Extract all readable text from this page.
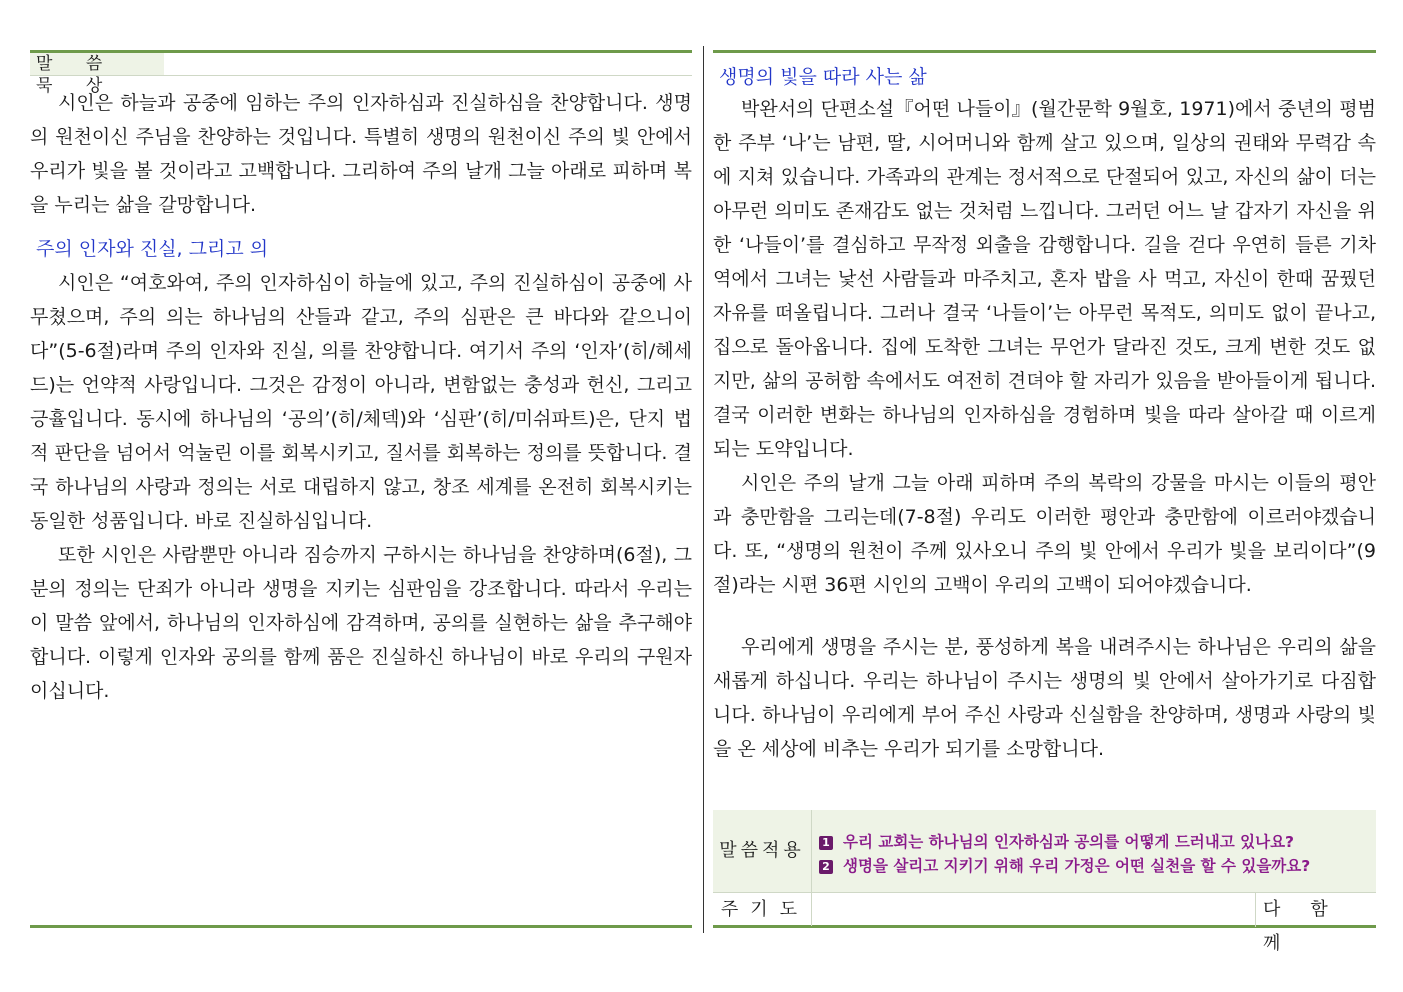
말 씀 묵 상

시인은 하늘과 공중에 임하는 주의 인자하심과 진실하심을 찬양합니다. 생명의 원천이신 주님을 찬양하는 것입니다. 특별히 생명의 원천이신 주의 빛 안에서 우리가 빛을 볼 것이라고 고백합니다. 그리하여 주의 날개 그늘 아래로 피하며 복을 누리는 삶을 갈망합니다.

주의 인자와 진실, 그리고 의

시인은 “여호와여, 주의 인자하심이 하늘에 있고, 주의 진실하심이 공중에 사무쳤으며, 주의 의는 하나님의 산들과 같고, 주의 심판은 큰 바다와 같으니이다”(5-6절)라며 주의 인자와 진실, 의를 찬양합니다. 여기서 주의 ‘인자’(히/헤세드)는 언약적 사랑입니다. 그것은 감정이 아니라, 변함없는 충성과 헌신, 그리고 긍휼입니다. 동시에 하나님의 ‘공의’(히/체덱)와 ‘심판’(히/미쉬파트)은, 단지 법적 판단을 넘어서 억눌린 이를 회복시키고, 질서를 회복하는 정의를 뜻합니다. 결국 하나님의 사랑과 정의는 서로 대립하지 않고, 창조 세계를 온전히 회복시키는 동일한 성품입니다. 바로 진실하심입니다.

또한 시인은 사람뿐만 아니라 짐승까지 구하시는 하나님을 찬양하며(6절), 그분의 정의는 단죄가 아니라 생명을 지키는 심판임을 강조합니다. 따라서 우리는 이 말씀 앞에서, 하나님의 인자하심에 감격하며, 공의를 실현하는 삶을 추구해야 합니다. 이렇게 인자와 공의를 함께 품은 진실하신 하나님이 바로 우리의 구원자이십니다.

생명의 빛을 따라 사는 삶

박완서의 단편소설『어떤 나들이』(월간문학 9월호, 1971)에서 중년의 평범한 주부 ‘나’는 남편, 딸, 시어머니와 함께 살고 있으며, 일상의 권태와 무력감 속에 지쳐 있습니다. 가족과의 관계는 정서적으로 단절되어 있고, 자신의 삶이 더는 아무런 의미도 존재감도 없는 것처럼 느낍니다. 그러던 어느 날 갑자기 자신을 위한 ‘나들이’를 결심하고 무작정 외출을 감행합니다. 길을 걷다 우연히 들른 기차역에서 그녀는 낯선 사람들과 마주치고, 혼자 밥을 사 먹고, 자신이 한때 꿈꿨던 자유를 떠올립니다. 그러나 결국 ‘나들이’는 아무런 목적도, 의미도 없이 끝나고, 집으로 돌아옵니다. 집에 도착한 그녀는 무언가 달라진 것도, 크게 변한 것도 없지만, 삶의 공허함 속에서도 여전히 견뎌야 할 자리가 있음을 받아들이게 됩니다. 결국 이러한 변화는 하나님의 인자하심을 경험하며 빛을 따라 살아갈 때 이르게 되는 도약입니다.

시인은 주의 날개 그늘 아래 피하며 주의 복락의 강물을 마시는 이들의 평안과 충만함을 그리는데(7-8절) 우리도 이러한 평안과 충만함에 이르러야겠습니다. 또, “생명의 원천이 주께 있사오니 주의 빛 안에서 우리가 빛을 보리이다”(9절)라는 시편 36편 시인의 고백이 우리의 고백이 되어야겠습니다.

우리에게 생명을 주시는 분, 풍성하게 복을 내려주시는 하나님은 우리의 삶을 새롭게 하십니다. 우리는 하나님이 주시는 생명의 빛 안에서 살아가기로 다짐합니다. 하나님이 우리에게 부어 주신 사랑과 신실함을 찬양하며, 생명과 사랑의 빛을 온 세상에 비추는 우리가 되기를 소망합니다.

말씀적용	1 우리 교회는 하나님의 인자하심과 공의를 어떻게 드러내고 있나요?
2 생명을 살리고 지키기 위해 우리 가정은 어떤 실천을 할 수 있을까요?
주기도	다함께
